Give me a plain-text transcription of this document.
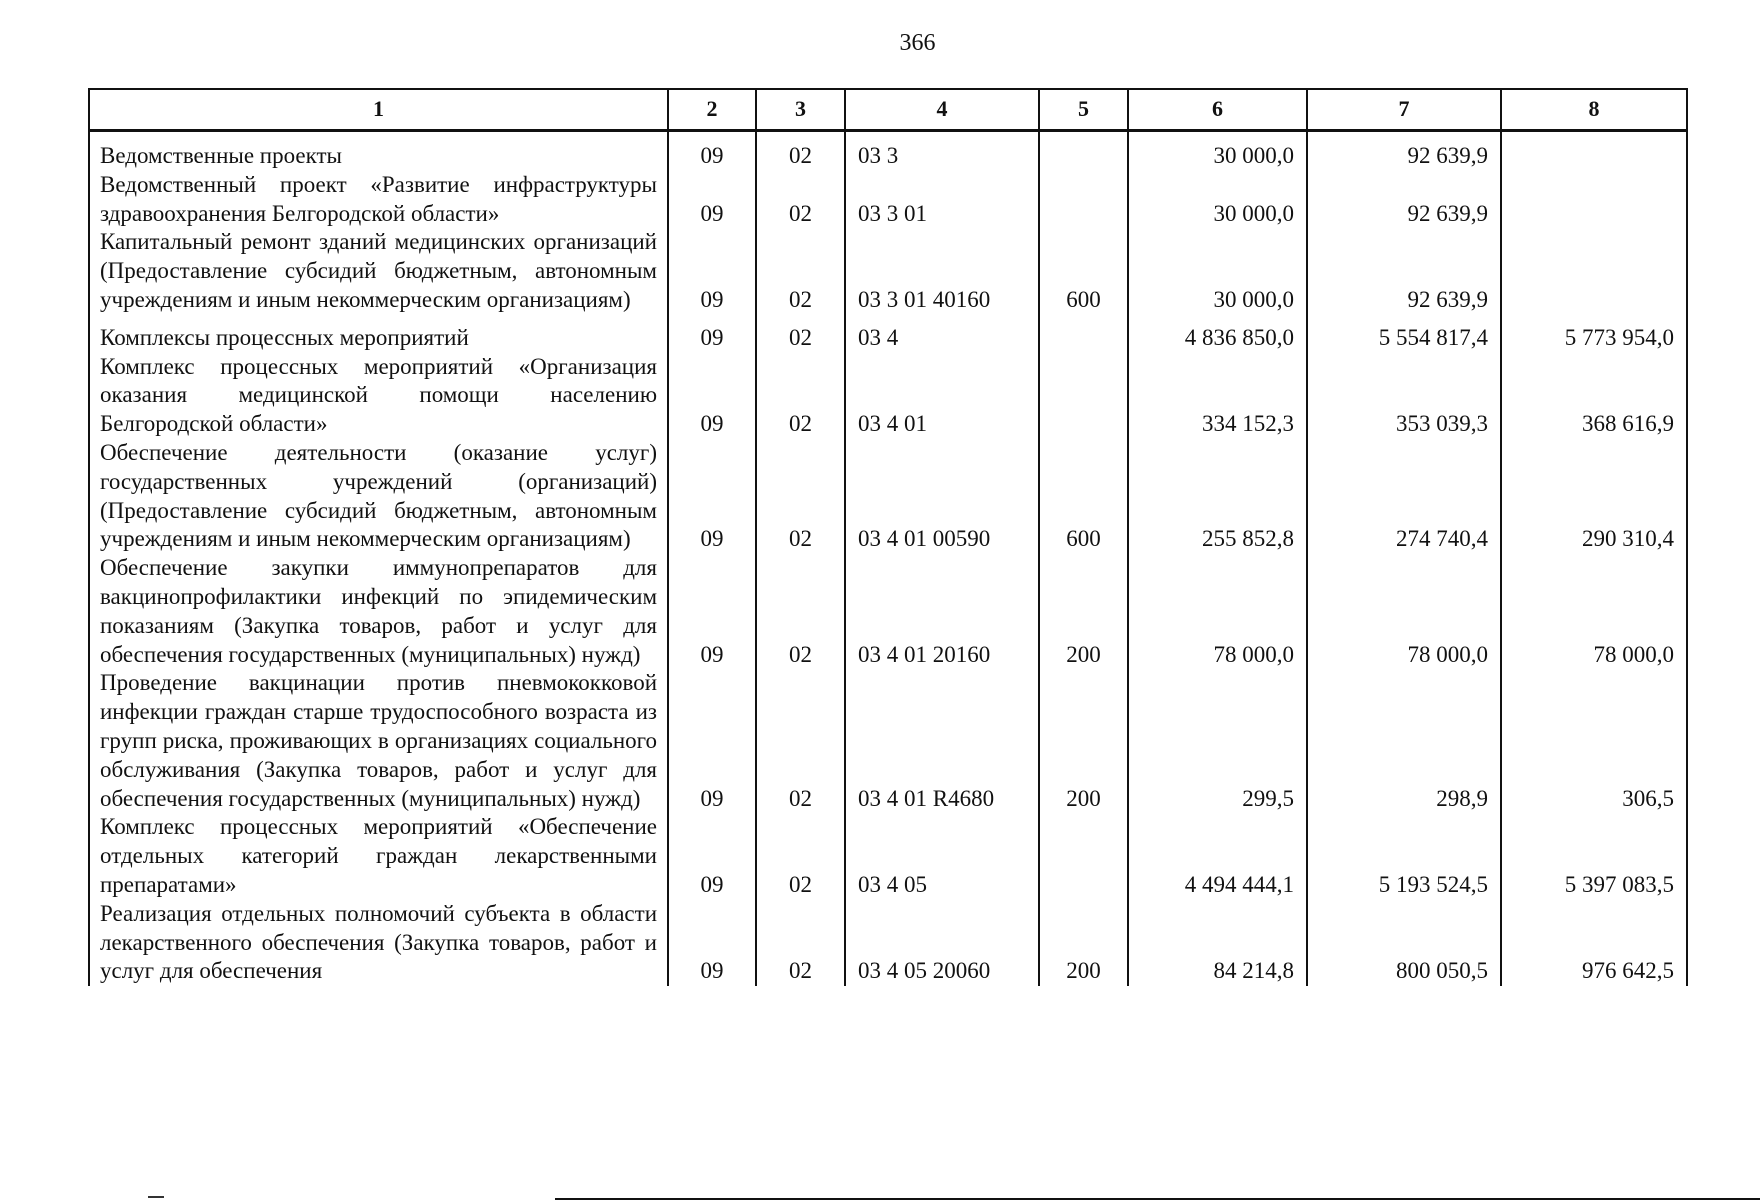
366
1	2	3	4	5	6	7	8
Ведомственные проекты	09	02	03 3		30 000,0	92 639,9	
Ведомственный проект «Развитие инфраструктуры здравоохранения Белгородской области»	09	02	03 3 01		30 000,0	92 639,9	
Капитальный ремонт зданий медицинских организаций (Предоставление субсидий бюджетным, автономным учреждениям и иным некоммерческим организациям)	09	02	03 3 01 40160	600	30 000,0	92 639,9	
Комплексы процессных мероприятий	09	02	03 4		4 836 850,0	5 554 817,4	5 773 954,0
Комплекс процессных мероприятий «Организация оказания медицинской помощи населению Белгородской области»	09	02	03 4 01		334 152,3	353 039,3	368 616,9
Обеспечение деятельности (оказание услуг) государственных учреждений (организаций) (Предоставление субсидий бюджетным, автономным учреждениям и иным некоммерческим организациям)	09	02	03 4 01 00590	600	255 852,8	274 740,4	290 310,4
Обеспечение закупки иммунопрепаратов для вакцинопрофилактики инфекций по эпидемическим показаниям (Закупка товаров, работ и услуг для обеспечения государственных (муниципальных) нужд)	09	02	03 4 01 20160	200	78 000,0	78 000,0	78 000,0
Проведение вакцинации против пневмококковой инфекции граждан старше трудоспособного возраста из групп риска, проживающих в организациях социального обслуживания (Закупка товаров, работ и услуг для обеспечения государственных (муниципальных) нужд)	09	02	03 4 01 R4680	200	299,5	298,9	306,5
Комплекс процессных мероприятий «Обеспечение отдельных категорий граждан лекарственными препаратами»	09	02	03 4 05		4 494 444,1	5 193 524,5	5 397 083,5
Реализация отдельных полномочий субъекта в области лекарственного обеспечения (Закупка товаров, работ и услуг для обеспечения	09	02	03 4 05 20060	200	84 214,8	800 050,5	976 642,5
